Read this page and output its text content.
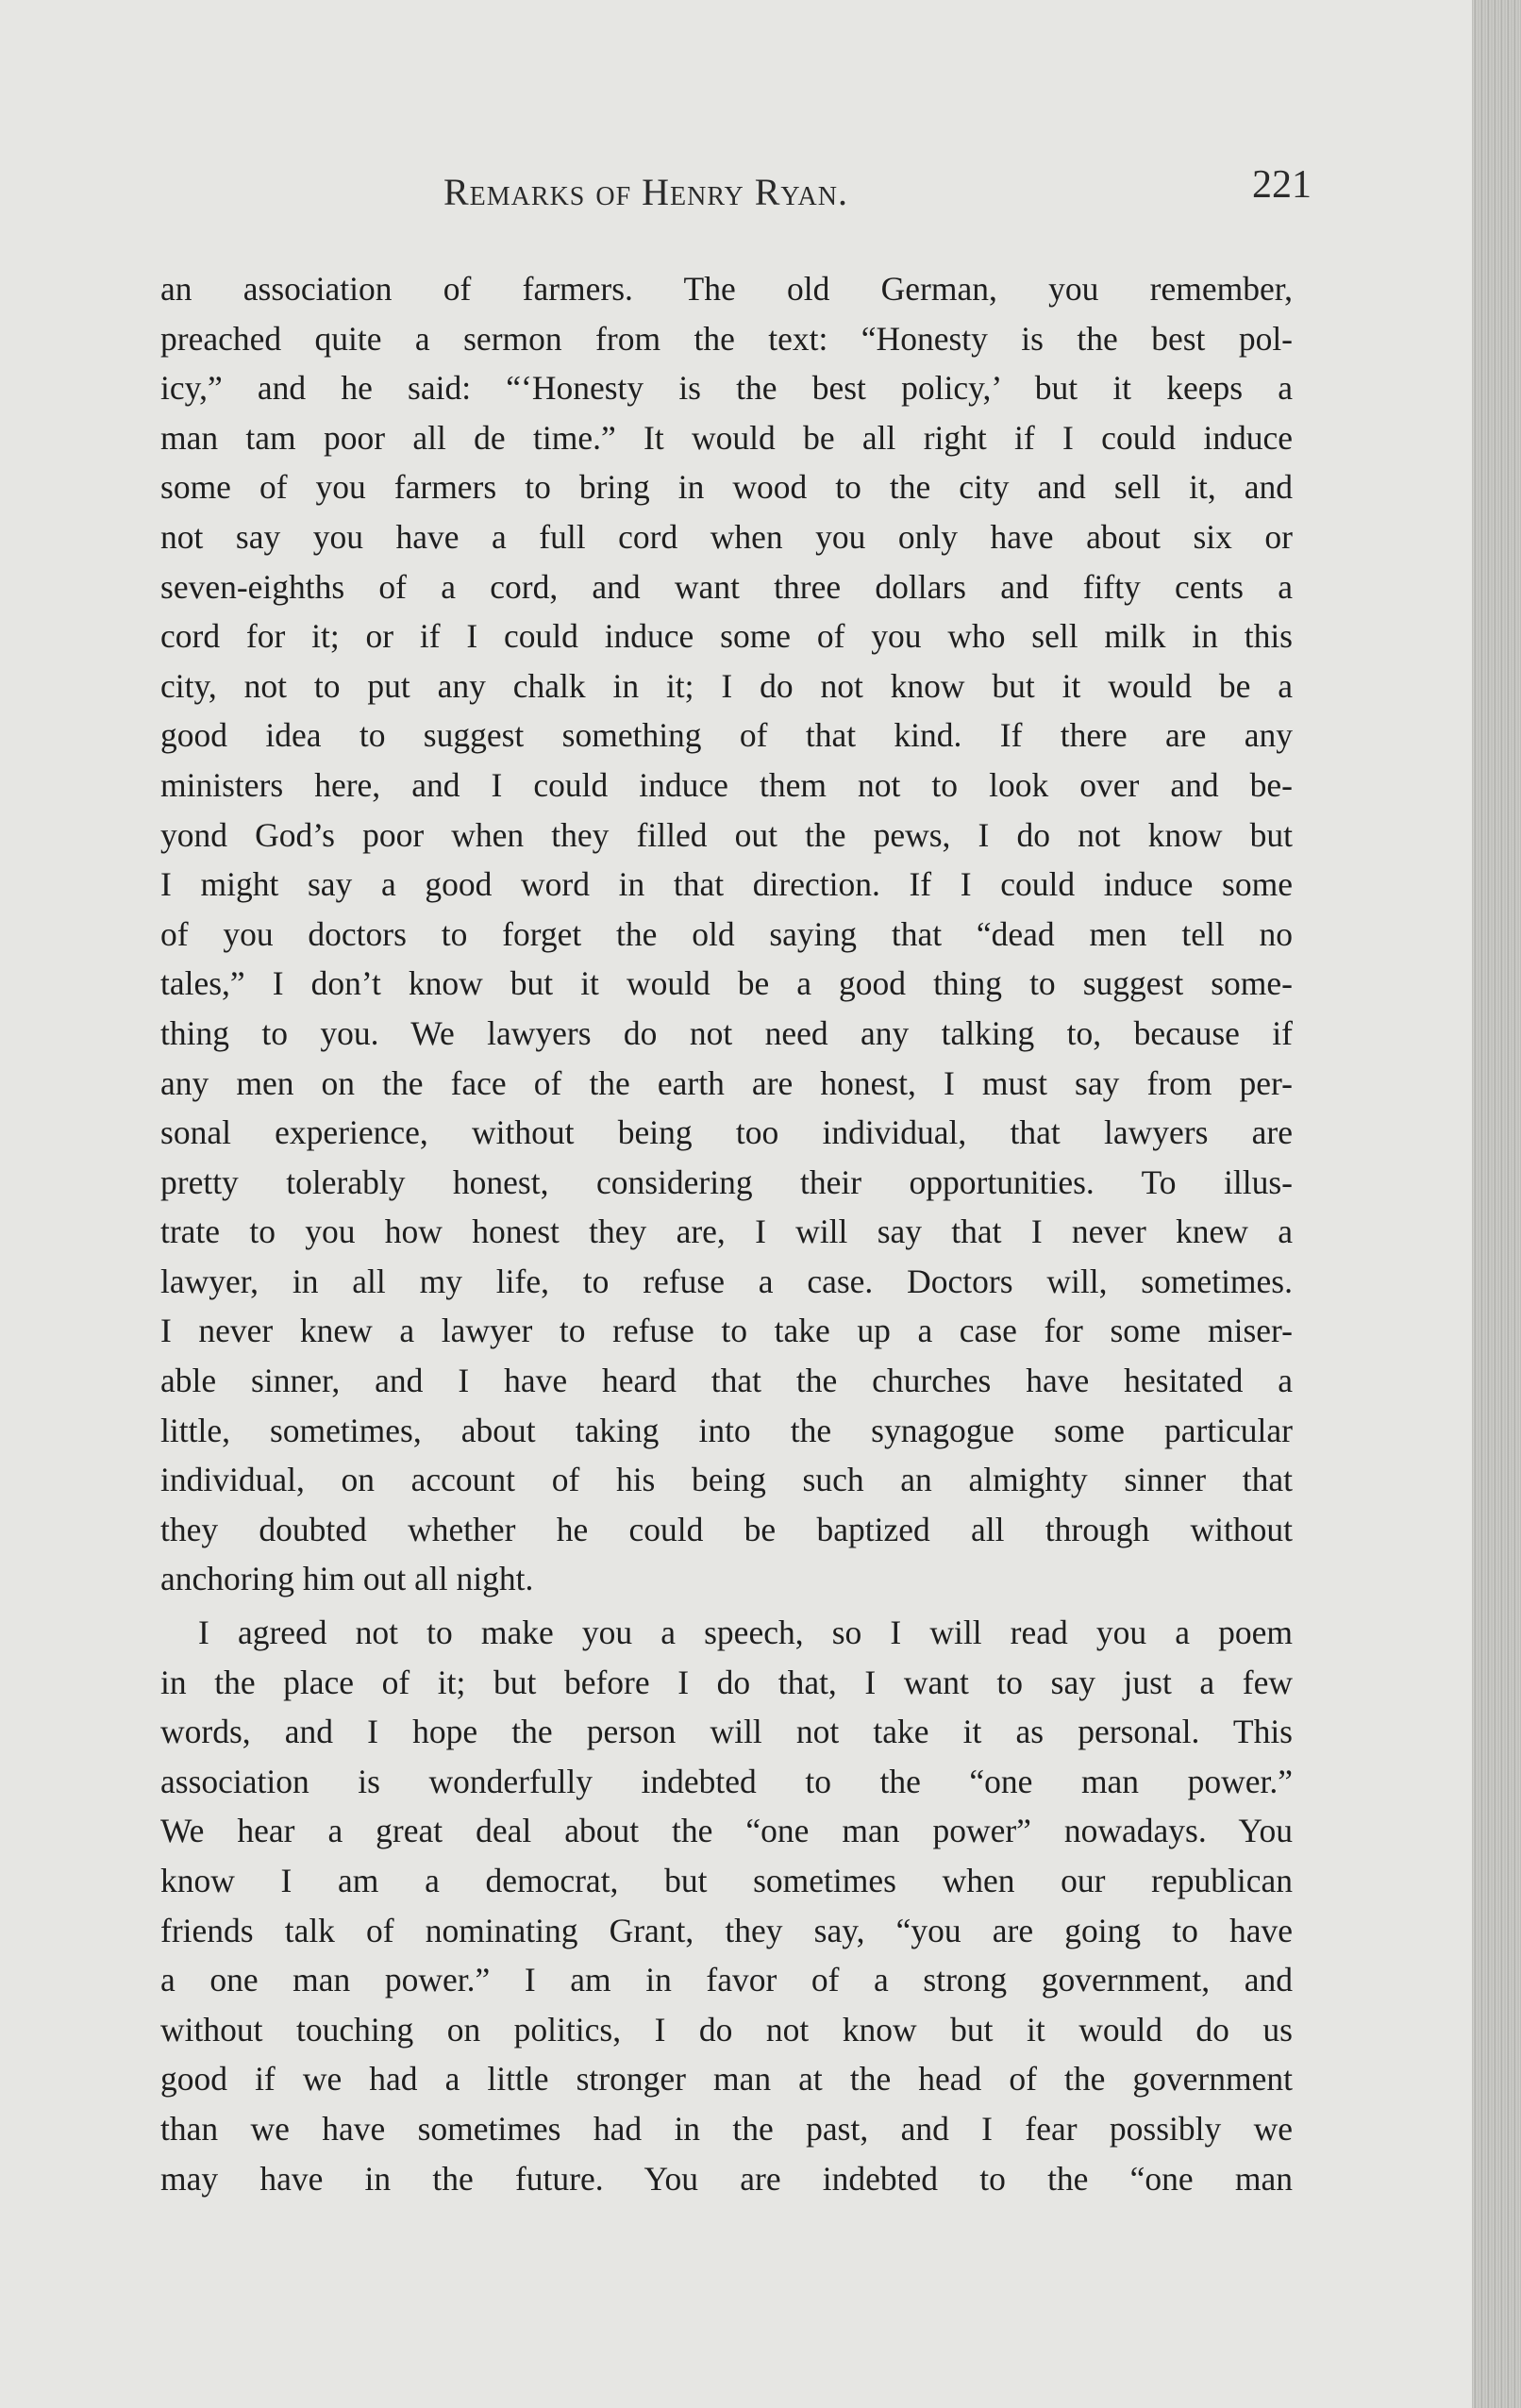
Remarks of Henry Ryan.	221
an association of farmers. The old German, you remember,
preached quite a sermon from the text: “Honesty is the best pol-
icy,” and he said: “‘Honesty is the best policy,’ but it keeps a
man tam poor all de time.” It would be all right if I could induce
some of you farmers to bring in wood to the city and sell it, and
not say you have a full cord when you only have about six or
seven-eighths of a cord, and want three dollars and fifty cents a
cord for it; or if I could induce some of you who sell milk in this
city, not to put any chalk in it; I do not know but it would be a
good idea to suggest something of that kind. If there are any
ministers here, and I could induce them not to look over and be-
yond God’s poor when they filled out the pews, I do not know but
I might say a good word in that direction. If I could induce some
of you doctors to forget the old saying that “dead men tell no
tales,” I don’t know but it would be a good thing to suggest some-
thing to you. We lawyers do not need any talking to, because if
any men on the face of the earth are honest, I must say from per-
sonal experience, without being too individual, that lawyers are
pretty tolerably honest, considering their opportunities. To illus-
trate to you how honest they are, I will say that I never knew a
lawyer, in all my life, to refuse a case. Doctors will, sometimes.
I never knew a lawyer to refuse to take up a case for some miser-
able sinner, and I have heard that the churches have hesitated a
little, sometimes, about taking into the synagogue some particular
individual, on account of his being such an almighty sinner that
they doubted whether he could be baptized all through without
anchoring him out all night.
I agreed not to make you a speech, so I will read you a poem
in the place of it; but before I do that, I want to say just a few
words, and I hope the person will not take it as personal. This
association is wonderfully indebted to the “one man power.”
We hear a great deal about the “one man power” nowadays. You
know I am a democrat, but sometimes when our republican
friends talk of nominating Grant, they say, “you are going to have
a one man power.” I am in favor of a strong government, and
without touching on politics, I do not know but it would do us
good if we had a little stronger man at the head of the government
than we have sometimes had in the past, and I fear possibly we
may have in the future. You are indebted to the “one man
